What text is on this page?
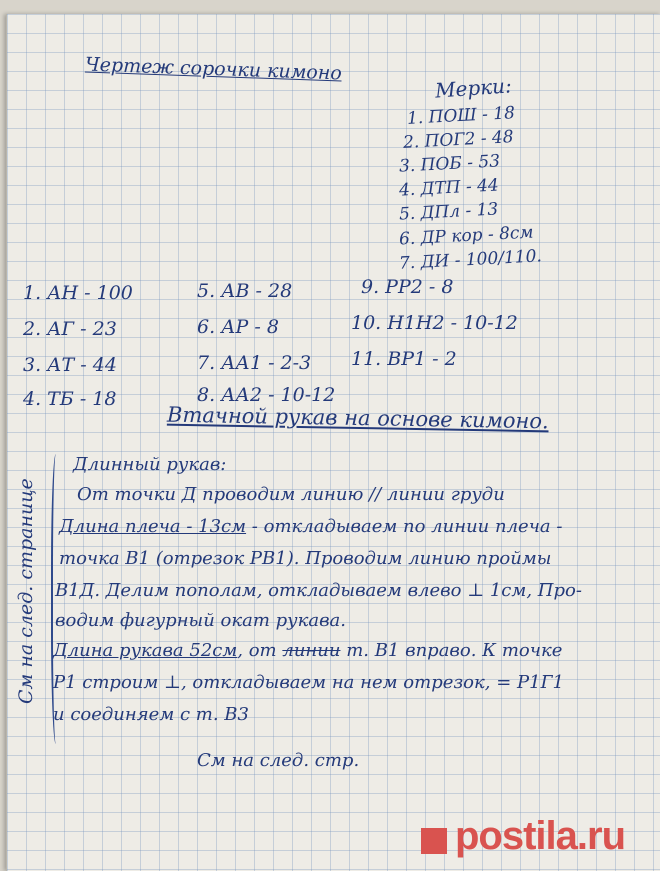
Чертеж сорочки кимоно
Мерки:
1. ПОШ - 18
2. ПОГ2 - 48
3. ПОБ - 53
4. ДТП - 44
5. ДПл - 13
6. ДР кор - 8см
7. ДИ - 100/110.
1. АН - 100
2. АГ - 23
3. АТ - 44
4. ТБ - 18
5. АВ - 28
6. АР - 8
7. АА1 - 2-3
8. АА2 - 10-12
9. РР2 - 8
10. Н1Н2 - 10-12
11. ВР1 - 2
Втачной рукав на основе кимоно.
См на след. странице
Длинный рукав:
От точки Д проводим линию // линии груди
Длина плеча - 13см - откладываем по линии плеча -
точка В1 (отрезок РВ1). Проводим линию проймы
В1Д. Делим пополам, откладываем влево ⊥ 1см, Про-
водим фигурный окат рукава.
Длина рукава 52см, от линии т. В1 вправо. К точке
Р1 строим ⊥, откладываем на нем отрезок, = Р1Г1
и соединяем с т. В3
См на след. стр.
postila.ru
